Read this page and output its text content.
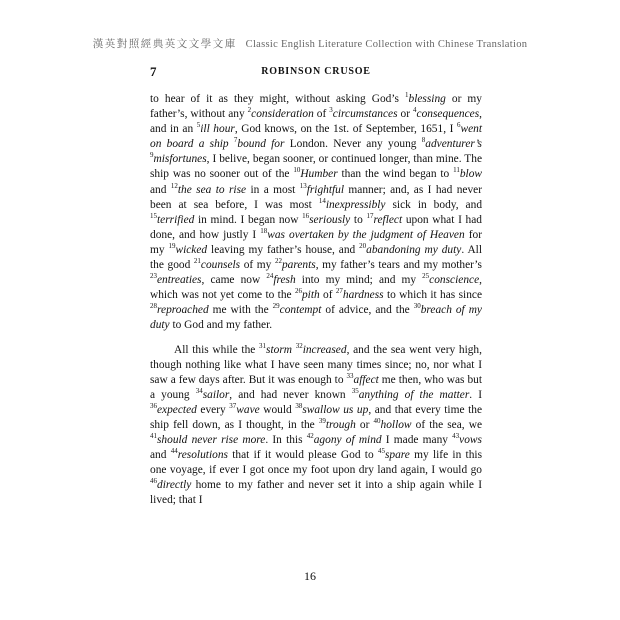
漢英對照經典英文文學文庫 Classic English Literature Collection with Chinese Translation
7	ROBINSON CRUSOE

to hear of it as they might, without asking God’s $^1$blessing or my father’s, without any $^2$consideration of $^3$circumstances or $^4$consequences, and in an $^5$ill hour, God knows, on the 1st. of September, 1651, I $^6$went on board a ship $^7$bound for London. Never any young $^8$adventurer’s $^9$misfortunes, I belive, began sooner, or continued longer, than mine. The ship was no sooner out of the $^{10}$Humber than the wind began to $^{11}$blow and $^{12}$the sea to rise in a most $^{13}$frightful manner; and, as I had never been at sea before, I was most $^{14}$inexpressibly sick in body, and $^{15}$terrified in mind. I began now $^{16}$seriously to $^{17}$reflect upon what I had done, and how justly I $^{18}$was overtaken by the judgment of Heaven for my $^{19}$wicked leaving my father’s house, and $^{20}$abandoning my duty. All the good $^{21}$counsels of my $^{22}$parents, my father’s tears and my mother’s $^{23}$entreaties, came now $^{24}$fresh into my mind; and my $^{25}$conscience, which was not yet come to the $^{26}$pith of $^{27}$hardness to which it has since $^{28}$reproached me with the $^{29}$contempt of advice, and the $^{30}$breach of my duty to God and my father.

All this while the $^{31}$storm $^{32}$increased, and the sea went very high, though nothing like what I have seen many times since; no, nor what I saw a few days after. But it was enough to $^{33}$affect me then, who was but a young $^{34}$sailor, and had never known $^{35}$anything of the matter. I $^{36}$expected every $^{37}$wave would $^{38}$swallow us up, and that every time the ship fell down, as I thought, in the $^{39}$trough or $^{40}$hollow of the sea, we $^{41}$should never rise more. In this $^{42}$agony of mind I made many $^{43}$vows and $^{44}$resolutions that if it would please God to $^{45}$spare my life in this one voyage, if ever I got once my foot upon dry land again, I would go $^{46}$directly home to my father and never set it into a ship again while I lived; that I

16
